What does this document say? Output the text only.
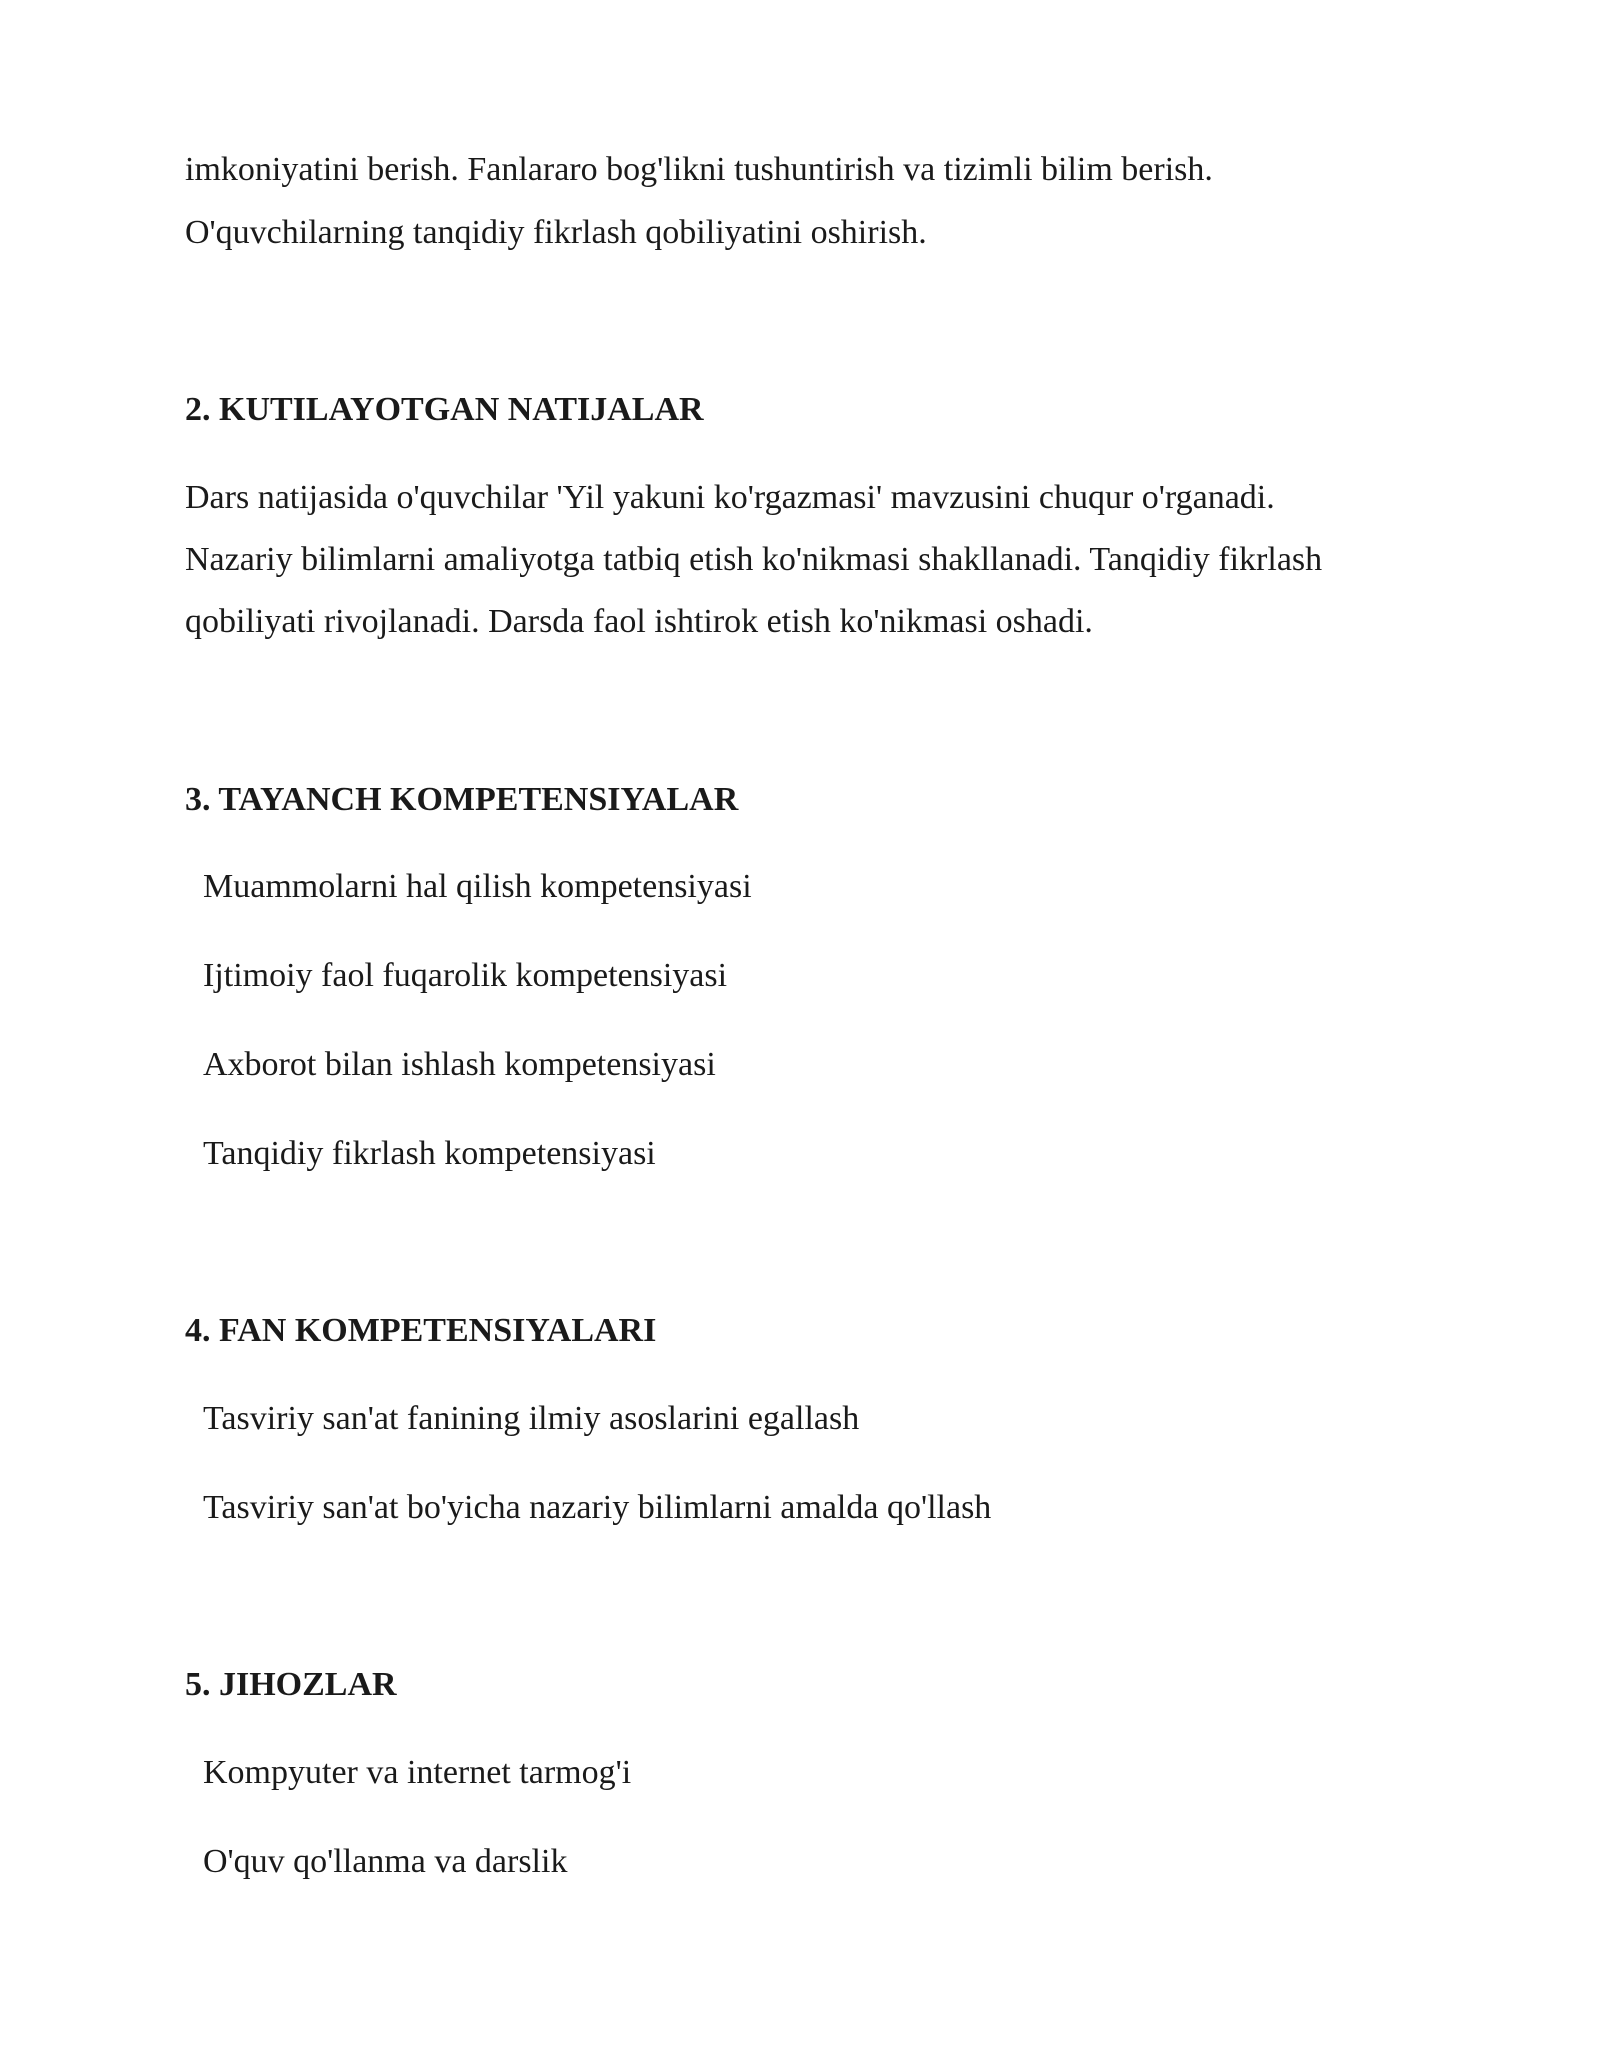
imkoniyatini berish. Fanlararo bog'likni tushuntirish va tizimli bilim berish.
O'quvchilarning tanqidiy fikrlash qobiliyatini oshirish.
2. KUTILAYOTGAN NATIJALAR
Dars natijasida o'quvchilar 'Yil yakuni ko'rgazmasi' mavzusini chuqur o'rganadi.
Nazariy bilimlarni amaliyotga tatbiq etish ko'nikmasi shakllanadi. Tanqidiy fikrlash
qobiliyati rivojlanadi. Darsda faol ishtirok etish ko'nikmasi oshadi.
3. TAYANCH KOMPETENSIYALAR
Muammolarni hal qilish kompetensiyasi
Ijtimoiy faol fuqarolik kompetensiyasi
Axborot bilan ishlash kompetensiyasi
Tanqidiy fikrlash kompetensiyasi
4. FAN KOMPETENSIYALARI
Tasviriy san'at fanining ilmiy asoslarini egallash
Tasviriy san'at bo'yicha nazariy bilimlarni amalda qo'llash
5. JIHOZLAR
Kompyuter va internet tarmog'i
O'quv qo'llanma va darslik
